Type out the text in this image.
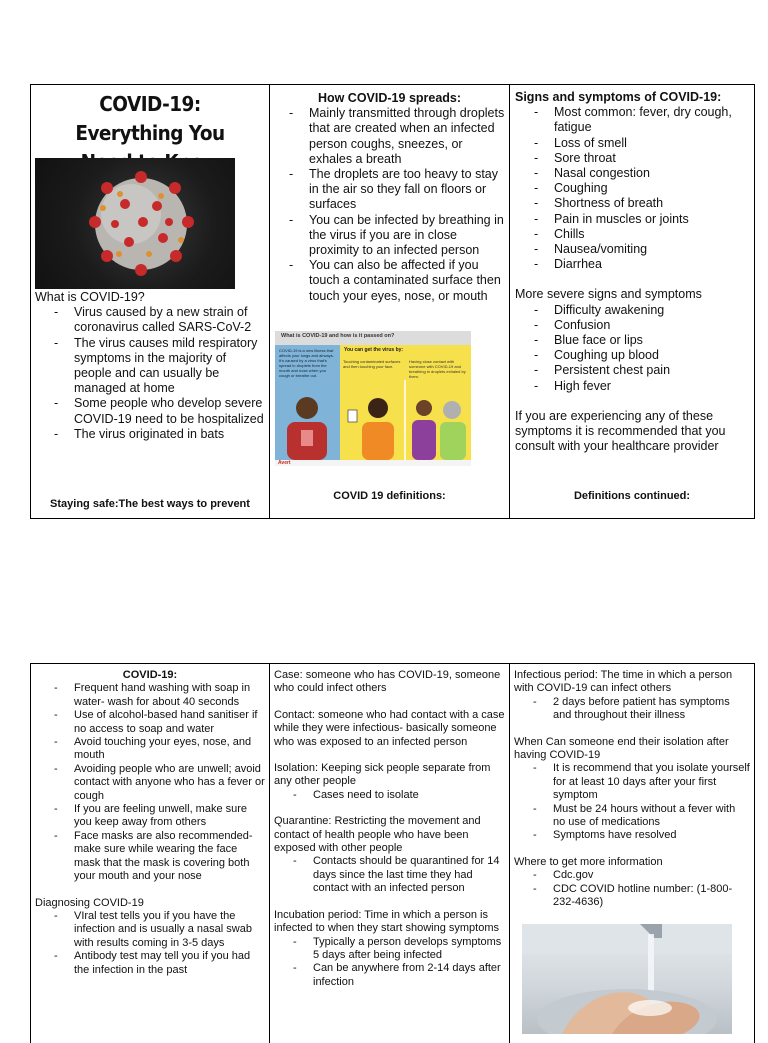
COVID-19: Everything You
What is COVID-19?
- Virus caused by a new strain of coronavirus called SARS-CoV-2
- The virus causes mild respiratory symptoms in the majority of people and can usually be managed at home
- Some people who develop severe COVID-19 need to be hospitalized
- The virus originated in bats
Staying safe:The best ways to prevent
How COVID-19 spreads:
- Mainly transmitted through droplets that are created when an infected person coughs, sneezes, or exhales a breath
- The droplets are too heavy to stay in the air so they fall on floors or surfaces
- You can be infected by breathing in the virus if you are in close proximity to an infected person
- You can also be affected if you touch a contaminated surface then touch your eyes, nose, or mouth
What is COVID-19 and how is it passed on?
COVID-19 is a new illness that affects your lungs and airways. It's caused by a virus that's spread in droplets from the mouth and nose when you cough or breathe out.
You can get the virus by:
Touching contaminated surfaces and then touching your face.
Having close contact with someone with COVID-19 and breathing in droplets exhaled by them.
Avert
COVID 19 definitions:
Signs and symptoms of COVID-19:
- Most common: fever, dry cough, fatigue
- Loss of smell
- Sore throat
- Nasal congestion
- Coughing
- Shortness of breath
- Pain in muscles or joints
- Chills
- Nausea/vomiting
- Diarrhea
More severe signs and symptoms
- Difficulty awakening
- Confusion
- Blue face or lips
- Coughing up blood
- Persistent chest pain
- High fever
If you are experiencing any of these symptoms it is recommended that you consult with your healthcare provider
Definitions continued:
COVID-19:
- Frequent hand washing with soap in water- wash for about 40 seconds
- Use of alcohol-based hand sanitiser if no access to soap and water
- Avoid touching your eyes, nose, and mouth
- Avoiding people who are unwell; avoid contact with anyone who has a fever or cough
- If you are feeling unwell, make sure you keep away from others
- Face masks are also recommended- make sure while wearing the face mask that the mask is covering both your mouth and your nose
Diagnosing COVID-19
- VIral test tells you if you have the infection and is usually a nasal swab with results coming in 3-5 days
- Antibody test may tell you if you had the infection in the past
Case: someone who has COVID-19, someone who could infect others
Contact: someone who had contact with a case while they were infectious- basically someone who was exposed to an infected person
Isolation: Keeping sick people separate from any other people
- Cases need to isolate
Quarantine: Restricting the movement and contact of health people who have been exposed with other people
- Contacts should be quarantined for 14 days since the last time they had contact with an infected person
Incubation period: Time in which a person is infected to when they start showing symptoms
- Typically a person develops symptoms 5 days after being infected
- Can be anywhere from 2-14 days after infection
Infectious period: The time in which a person with COVID-19 can infect others
- 2 days before patient has symptoms and throughout their illness
When Can someone end their isolation after having COVID-19
- It is recommend that you isolate yourself for at least 10 days after your first symptom
- Must be 24 hours without a fever with no use of medications
- Symptoms have resolved
Where to get more information
- Cdc.gov
- CDC COVID hotline number: (1-800-232-4636)
